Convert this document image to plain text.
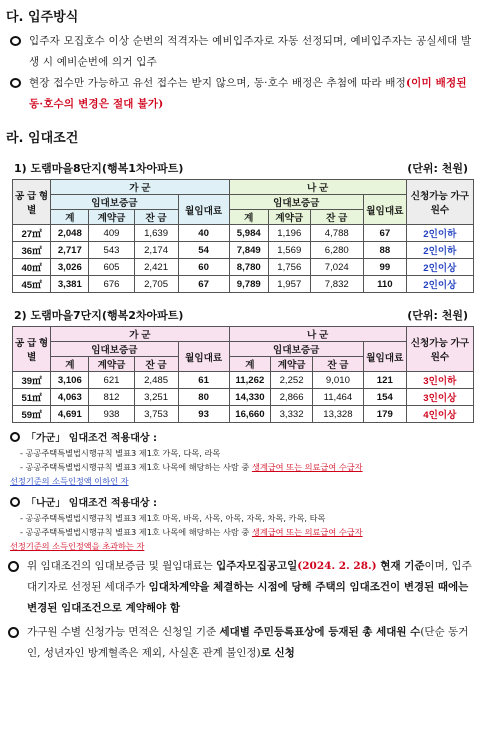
다. 입주방식
입주자 모집호수 이상 순번의 적격자는 예비입주자로 자동 선정되며, 예비입주자는 공실세대 발생 시 예비순번에 의거 입주
현장 접수만 가능하고 유선 접수는 받지 않으며, 동·호수 배정은 추첨에 따라 배정(이미 배정된 동·호수의 변경은 절대 불가)
라. 임대조건
1) 도램마을8단지(행복1차아파트)	(단위: 천원)
공 급 형 별	가 군				나 군				신청가능 가구원수
	임대보증금			월임대료	임대보증금			월임대료	
	계	계약금	잔 금		계	계약금	잔 금		
27㎡	2,048	409	1,639	40	5,984	1,196	4,788	67	2인이하
36㎡	2,717	543	2,174	54	7,849	1,569	6,280	88	2인이하
40㎡	3,026	605	2,421	60	8,780	1,756	7,024	99	2인이상
45㎡	3,381	676	2,705	67	9,789	1,957	7,832	110	2인이상
2) 도램마을7단지(행복2차아파트)	(단위: 천원)
공 급 형 별	가 군				나 군				신청가능 가구원수
	임대보증금			월임대료	임대보증금			월임대료	
	계	계약금	잔 금		계	계약금	잔 금		
39㎡	3,106	621	2,485	61	11,262	2,252	9,010	121	3인이하
51㎡	4,063	812	3,251	80	14,330	2,866	11,464	154	3인이상
59㎡	4,691	938	3,753	93	16,660	3,332	13,328	179	4인이상
「가군」 임대조건 적용대상 :
- 공공주택특별법시행규칙 별표3 제1호 가목, 다목, 라목
- 공공주택특별법시행규칙 별표3 제1호 나목에 해당하는 사람 중 생계급여 또는 의료급여 수급자
선정기준의 소득인정액 이하인 자
「나군」 임대조건 적용대상 :
- 공공주택특별법시행규칙 별표3 제1호 마목, 바목, 사목, 아목, 자목, 차목, 카목, 타목
- 공공주택특별법시행규칙 별표3 제1호 나목에 해당하는 사람 중 생계급여 또는 의료급여 수급자
선정기준의 소득인정액을 초과하는 자
위 임대조건의 임대보증금 및 월임대료는 입주자모집공고일(2024. 2. 28.) 현재 기준이며, 입주대기자로 선정된 세대주가 임대차계약을 체결하는 시점에 당해 주택의 임대조건이 변경된 때에는 변경된 임대조건으로 계약해야 함
가구원 수별 신청가능 면적은 신청일 기준 세대별 주민등록표상에 등재된 총 세대원 수(단순 동거인, 성년자인 방계혈족은 제외, 사실혼 관계 불인정)로 신청
